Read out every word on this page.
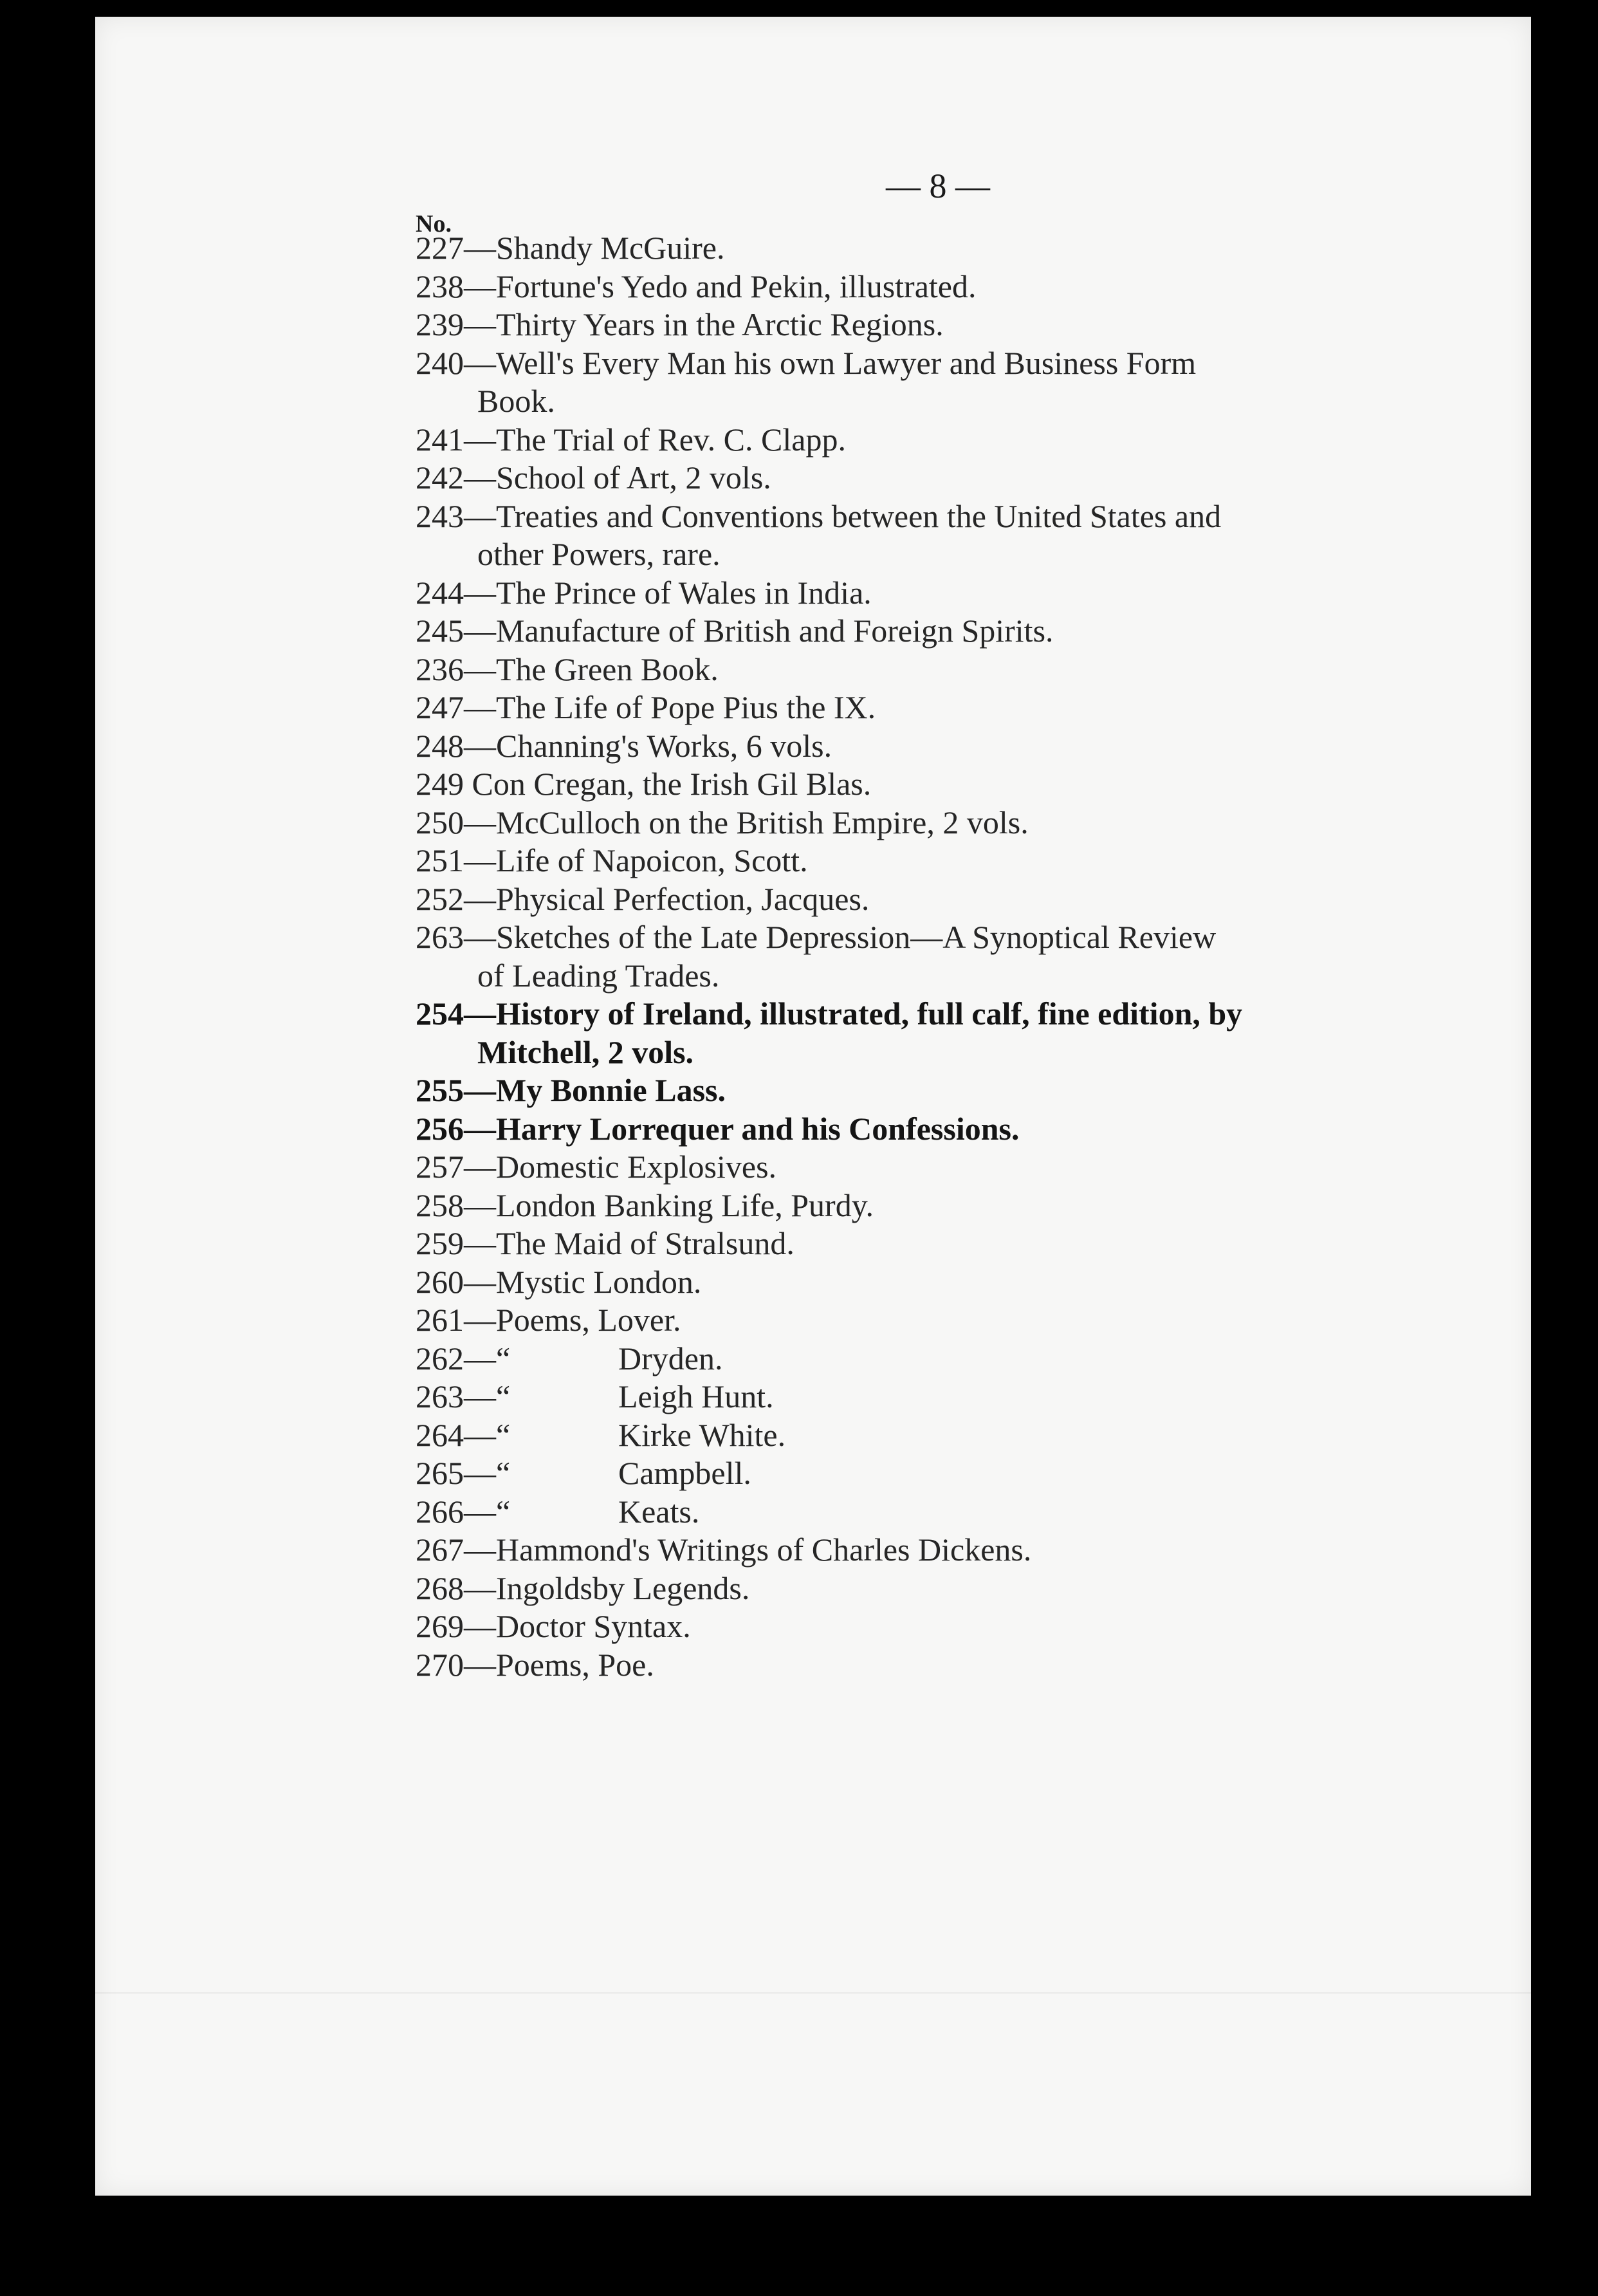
— 8 —
No.
227—Shandy McGuire.
238—Fortune's Yedo and Pekin, illustrated.
239—Thirty Years in the Arctic Regions.
240—Well's Every Man his own Lawyer and Business Form
Book.
241—The Trial of Rev. C. Clapp.
242—School of Art, 2 vols.
243—Treaties and Conventions between the United States and
other Powers, rare.
244—The Prince of Wales in India.
245—Manufacture of British and Foreign Spirits.
236—The Green Book.
247—The Life of Pope Pius the IX.
248—Channing's Works, 6 vols.
249 Con Cregan, the Irish Gil Blas.
250—McCulloch on the British Empire, 2 vols.
251—Life of Napoicon, Scott.
252—Physical Perfection, Jacques.
263—Sketches of the Late Depression—A Synoptical Review
of Leading Trades.
254—History of Ireland, illustrated, full calf, fine edition, by
Mitchell, 2 vols.
255—My Bonnie Lass.
256—Harry Lorrequer and his Confessions.
257—Domestic Explosives.
258—London Banking Life, Purdy.
259—The Maid of Stralsund.
260—Mystic London.
261—Poems, Lover.
262—“	Dryden.
263—“	Leigh Hunt.
264—“	Kirke White.
265—“	Campbell.
266—“	Keats.
267—Hammond's Writings of Charles Dickens.
268—Ingoldsby Legends.
269—Doctor Syntax.
270—Poems, Poe.
